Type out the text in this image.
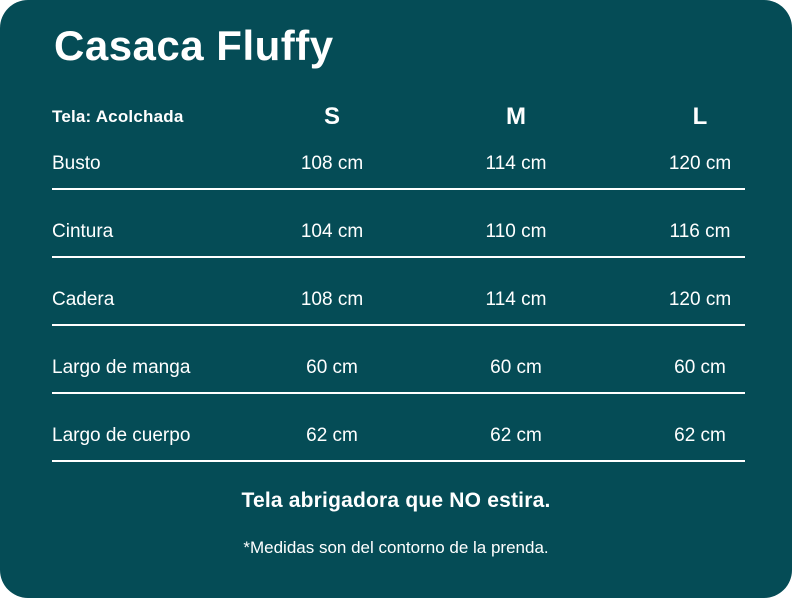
Casaca Fluffy
Tela: Acolchada	S	M	L
Busto	108 cm	114 cm	120 cm
Cintura	104 cm	110 cm	116 cm
Cadera	108 cm	114 cm	120 cm
Largo de manga	60 cm	60 cm	60 cm
Largo de cuerpo	62 cm	62 cm	62 cm
Tela abrigadora que NO estira.
*Medidas son del contorno de la prenda.
